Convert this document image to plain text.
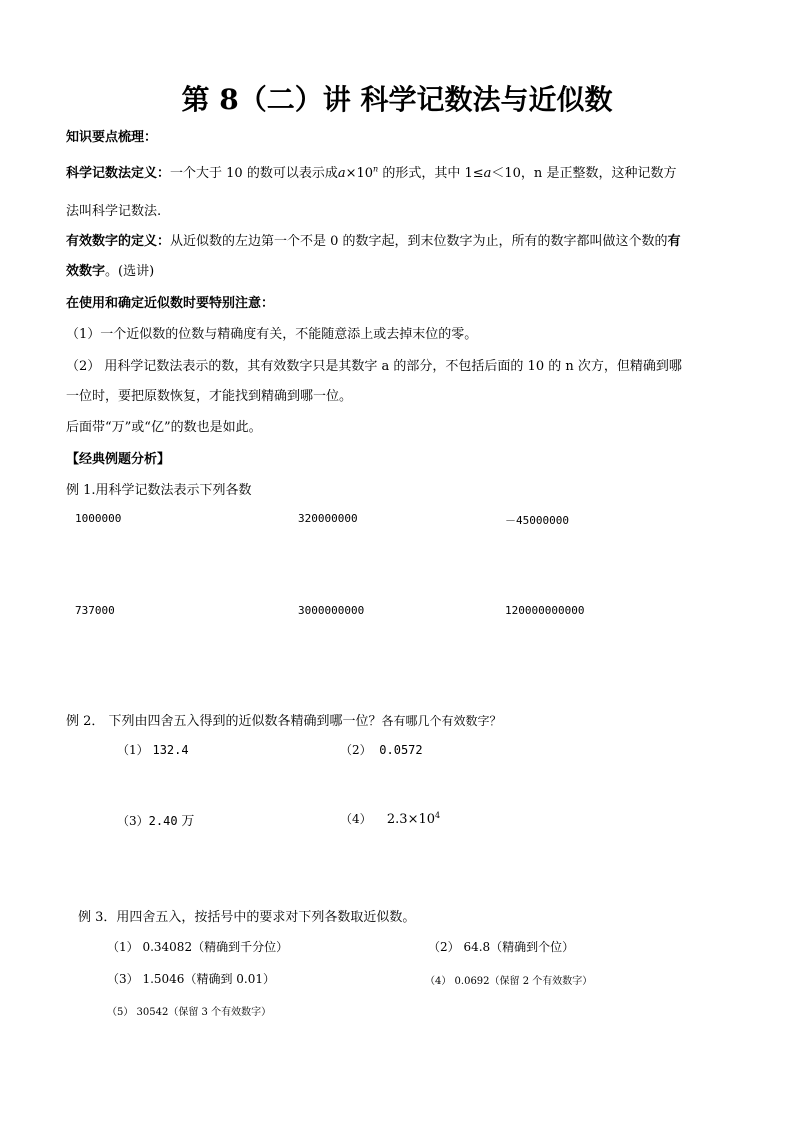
第 8（二）讲 科学记数法与近似数
知识要点梳理：
科学记数法定义：一个大于 10 的数可以表示成$a\times 10^n$ 的形式，其中 1≤a＜10，n 是正整数，这种记数方
法叫科学记数法.
有效数字的定义：从近似数的左边第一个不是 0 的数字起，到末位数字为止，所有的数字都叫做这个数的有
效数字。(选讲)
在使用和确定近似数时要特别注意：
（1）一个近似数的位数与精确度有关，不能随意添上或去掉末位的零。
（2） 用科学记数法表示的数，其有效数字只是其数字 a 的部分，不包括后面的 10 的 n 次方，但精确到哪
一位时，要把原数恢复，才能找到精确到哪一位。
后面带“万”或“亿”的数也是如此。
【经典例题分析】
例 1.用科学记数法表示下列各数
1000000	320000000	－45000000
737000	3000000000	120000000000
例 2． 下列由四舍五入得到的近似数各精确到哪一位？各有哪几个有效数字？
（1） 132.4	（2） 0.0572
（3）2.40 万	（4） $2.3\times 10^4$
例 3．用四舍五入，按括号中的要求对下列各数取近似数。
（1） 0.34082（精确到千分位）	（2） 64.8（精确到个位）
（3） 1.5046（精确到 0.01）	（4） 0.0692（保留 2 个有效数字）
（5） 30542（保留 3 个有效数字）
